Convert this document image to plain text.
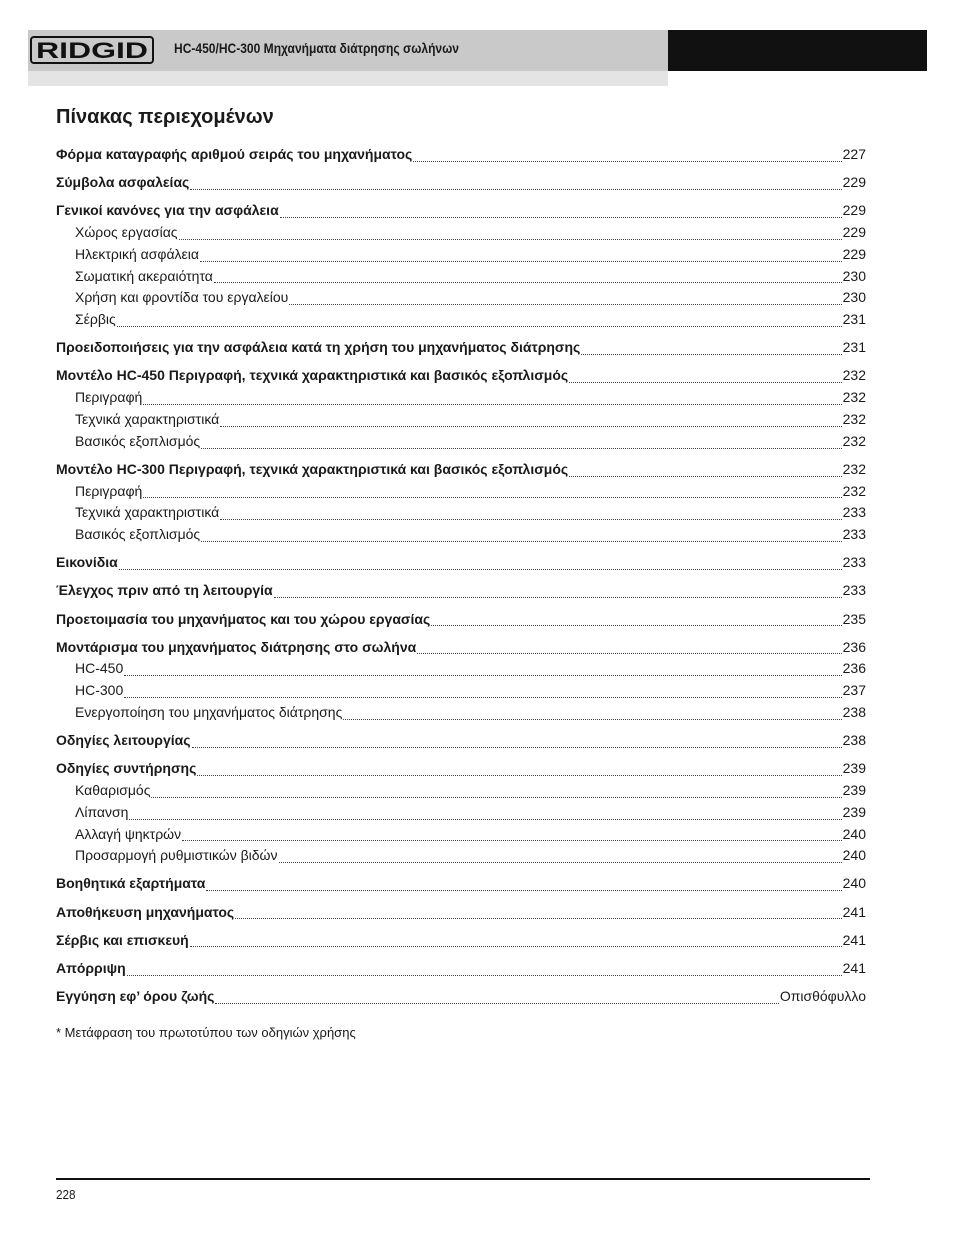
RIDGID HC-450/HC-300 Μηχανήματα διάτρησης σωλήνων
Πίνακας περιεχομένων
Φόρμα καταγραφής αριθμού σειράς του μηχανήματος	227
Σύμβολα ασφαλείας	229
Γενικοί κανόνες για την ασφάλεια	229
Χώρος εργασίας	229
Ηλεκτρική ασφάλεια	229
Σωματική ακεραιότητα	230
Χρήση και φροντίδα του εργαλείου	230
Σέρβις	231
Προειδοποιήσεις για την ασφάλεια κατά τη χρήση του μηχανήματος διάτρησης	231
Μοντέλο HC-450 Περιγραφή, τεχνικά χαρακτηριστικά και βασικός εξοπλισμός	232
Περιγραφή	232
Τεχνικά χαρακτηριστικά	232
Βασικός εξοπλισμός	232
Μοντέλο HC-300 Περιγραφή, τεχνικά χαρακτηριστικά και βασικός εξοπλισμός	232
Περιγραφή	232
Τεχνικά χαρακτηριστικά	233
Βασικός εξοπλισμός	233
Εικονίδια	233
Έλεγχος πριν από τη λειτουργία	233
Προετοιμασία του μηχανήματος και του χώρου εργασίας	235
Μοντάρισμα του μηχανήματος διάτρησης στο σωλήνα	236
HC-450	236
HC-300	237
Ενεργοποίηση του μηχανήματος διάτρησης	238
Οδηγίες λειτουργίας	238
Οδηγίες συντήρησης	239
Καθαρισμός	239
Λίπανση	239
Αλλαγή ψηκτρών	240
Προσαρμογή ρυθμιστικών βιδών	240
Βοηθητικά εξαρτήματα	240
Αποθήκευση μηχανήματος	241
Σέρβις και επισκευή	241
Απόρριψη	241
Εγγύηση εφ’ όρου ζωής	Οπισθόφυλλο
* Μετάφραση του πρωτοτύπου των οδηγιών χρήσης
228
